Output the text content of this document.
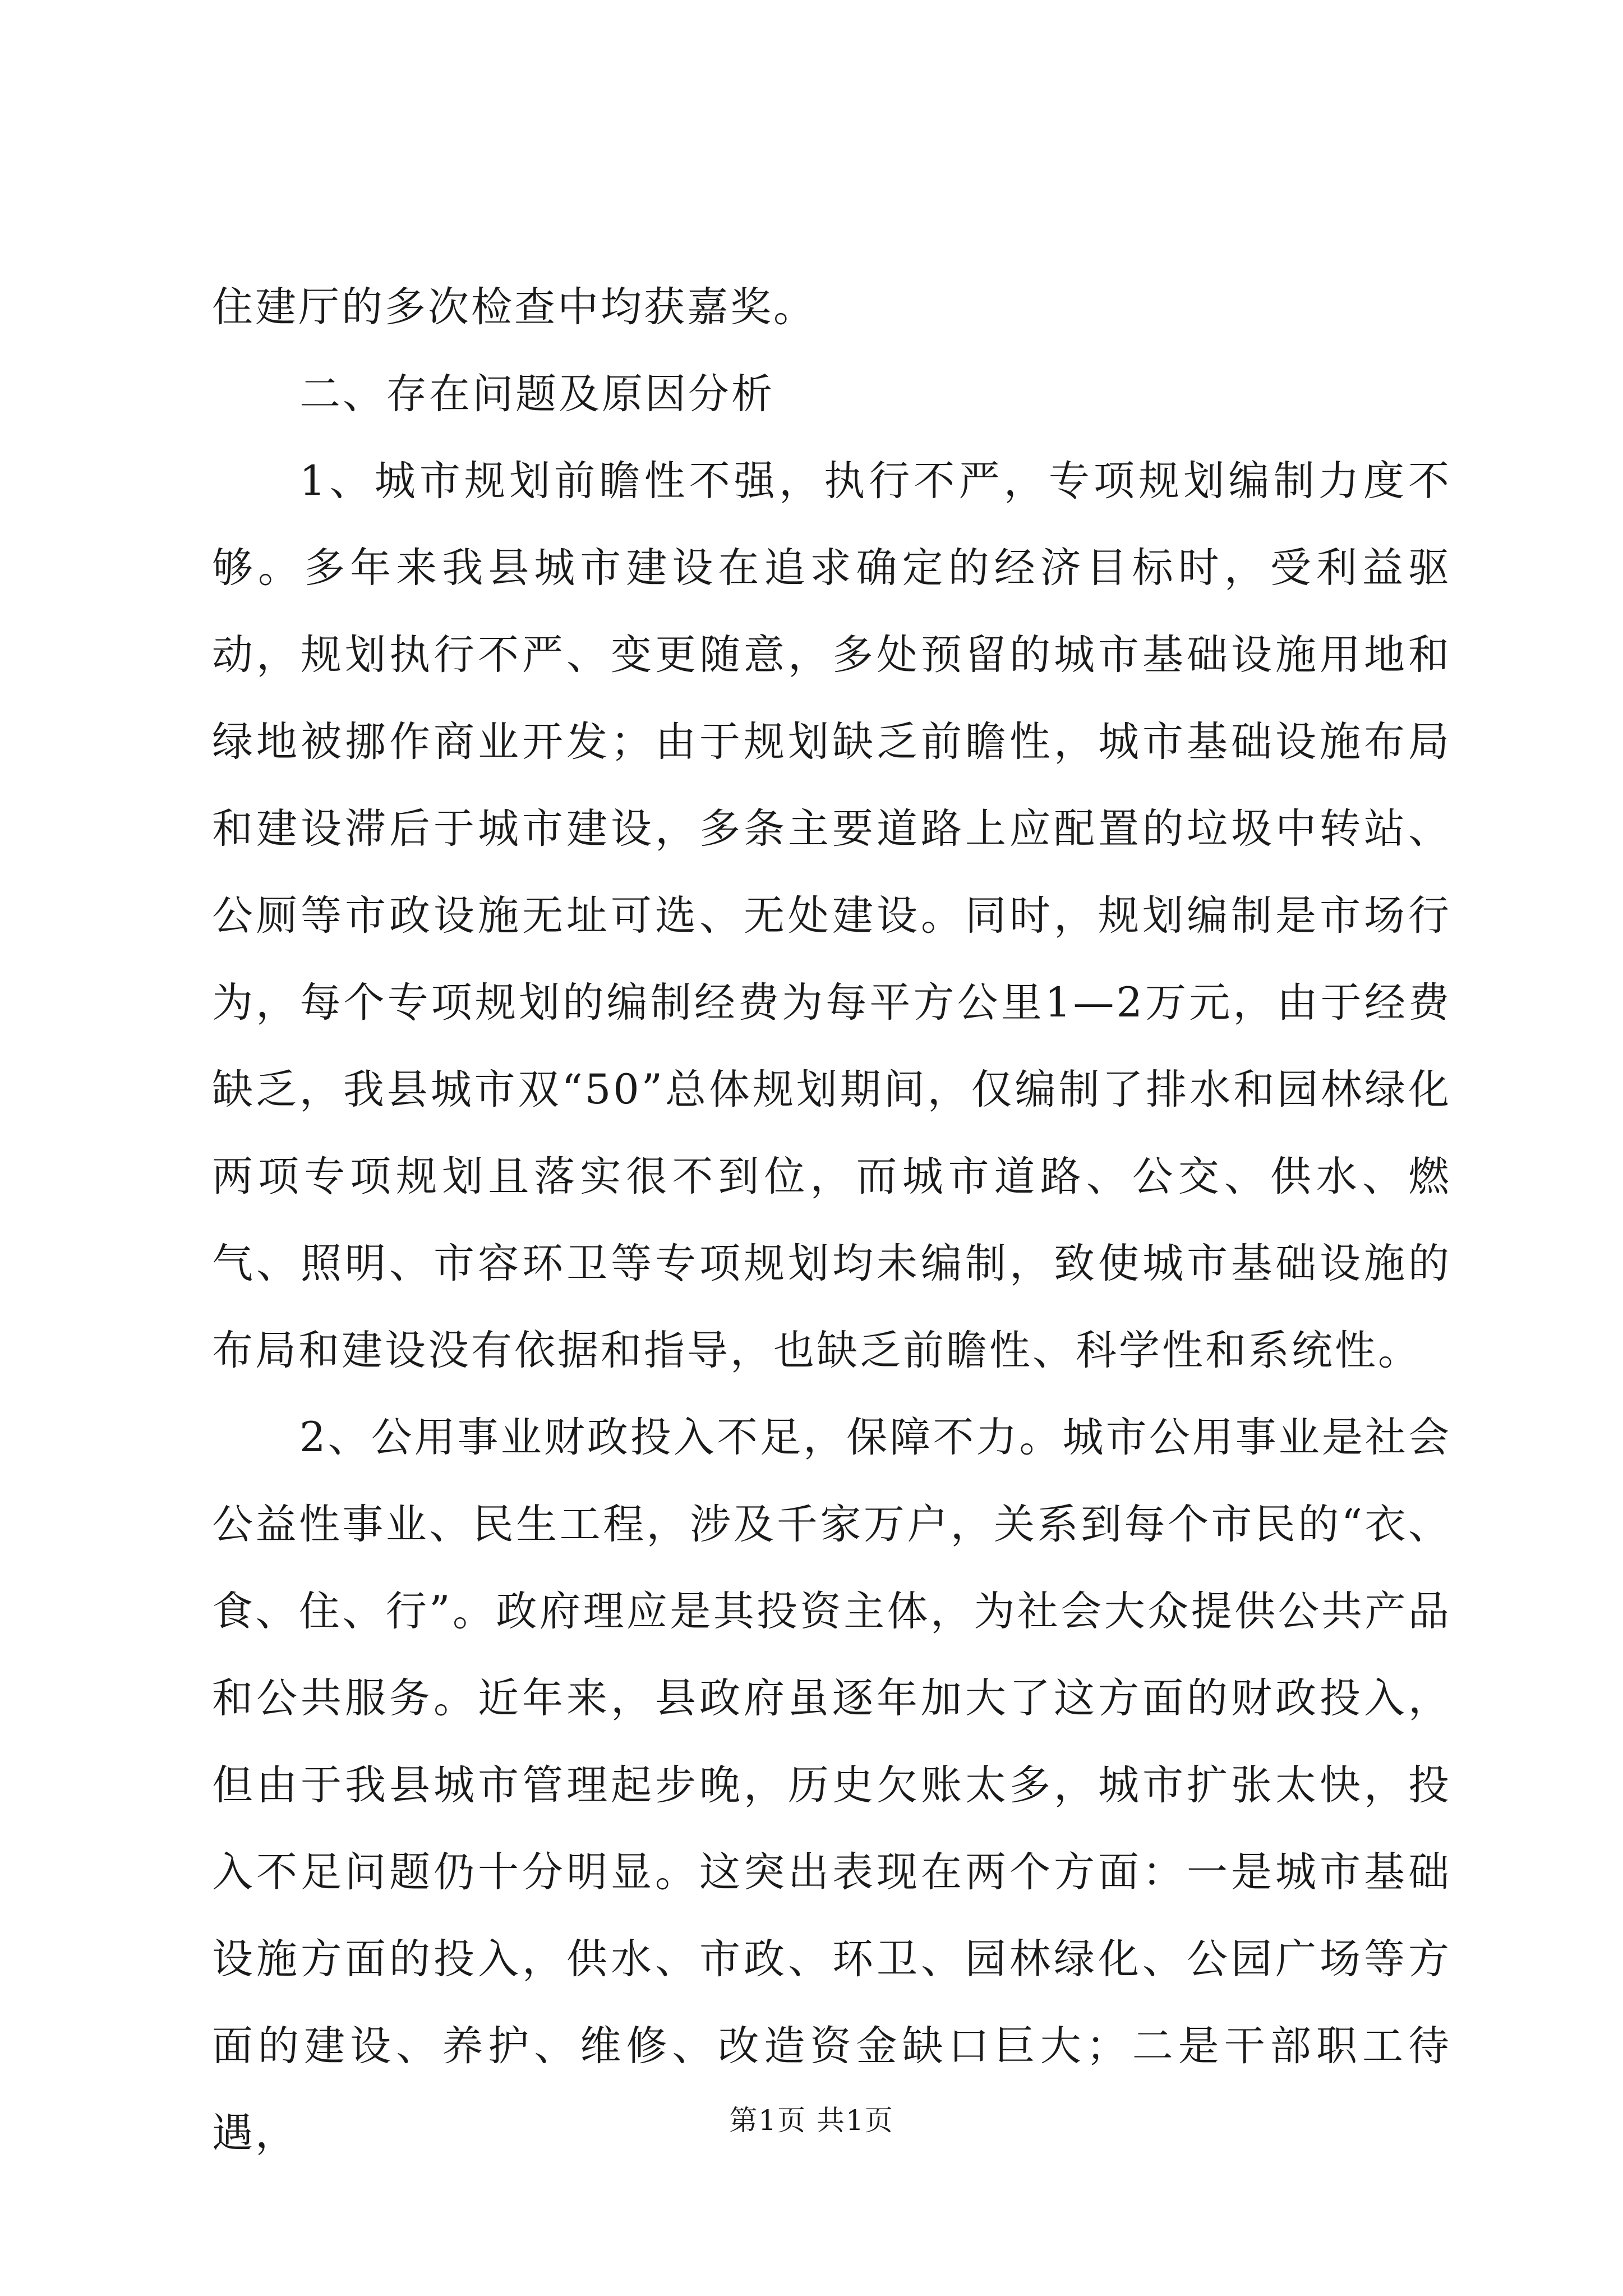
住建厅的多次检查中均获嘉奖。

二、存在问题及原因分析

1、城市规划前瞻性不强，执行不严，专项规划编制力度不够。多年来我县城市建设在追求确定的经济目标时，受利益驱动，规划执行不严、变更随意，多处预留的城市基础设施用地和绿地被挪作商业开发；由于规划缺乏前瞻性，城市基础设施布局和建设滞后于城市建设，多条主要道路上应配置的垃圾中转站、公厕等市政设施无址可选、无处建设。同时，规划编制是市场行为，每个专项规划的编制经费为每平方公里1—2万元，由于经费缺乏，我县城市双“50”总体规划期间，仅编制了排水和园林绿化两项专项规划且落实很不到位，而城市道路、公交、供水、燃气、照明、市容环卫等专项规划均未编制，致使城市基础设施的布局和建设没有依据和指导，也缺乏前瞻性、科学性和系统性。

2、公用事业财政投入不足，保障不力。城市公用事业是社会公益性事业、民生工程，涉及千家万户，关系到每个市民的“衣、食、住、行”。政府理应是其投资主体，为社会大众提供公共产品和公共服务。近年来，县政府虽逐年加大了这方面的财政投入，但由于我县城市管理起步晚，历史欠账太多，城市扩张太快，投入不足问题仍十分明显。这突出表现在两个方面：一是城市基础设施方面的投入，供水、市政、环卫、园林绿化、公园广场等方面的建设、养护、维修、改造资金缺口巨大；二是干部职工待遇，	第1页 共1页
